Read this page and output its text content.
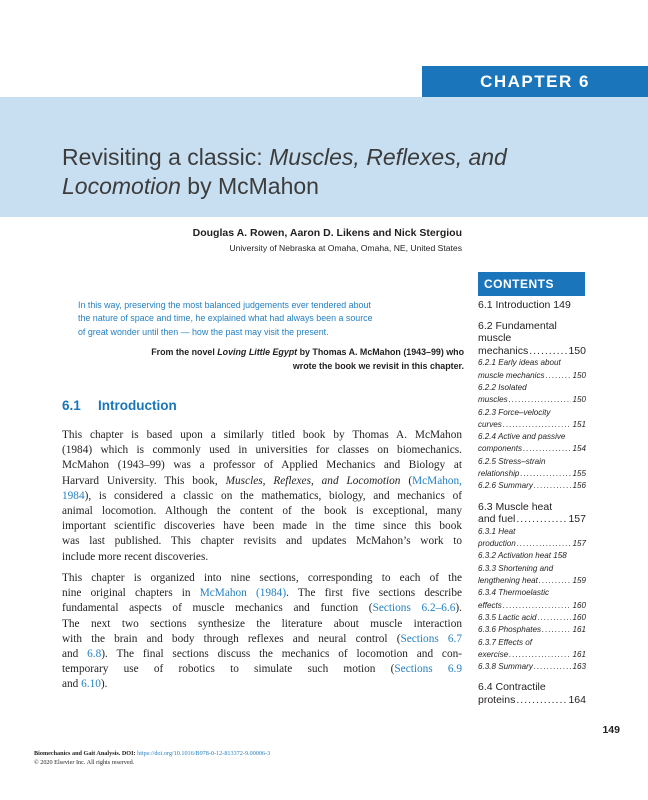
CHAPTER 6
Revisiting a classic: Muscles, Reflexes, and
Locomotion by McMahon
Douglas A. Rowen, Aaron D. Likens and Nick Stergiou
University of Nebraska at Omaha, Omaha, NE, United States
In this way, preserving the most balanced judgements ever tendered about
the nature of space and time, he explained what had always been a source
of great wonder until then — how the past may visit the present.
From the novel Loving Little Egypt by Thomas A. McMahon (1943–99) who
wrote the book we revisit in this chapter.
6.1 Introduction
This chapter is based upon a similarly titled book by Thomas A. McMahon
(1984) which is commonly used in universities for classes on biomechanics.
McMahon (1943–99) was a professor of Applied Mechanics and Biology at
Harvard University. This book, Muscles, Reflexes, and Locomotion (McMahon,
1984), is considered a classic on the mathematics, biology, and mechanics of
animal locomotion. Although the content of the book is exceptional, many
important scientific discoveries have been made in the time since this book
was last published. This chapter revisits and updates McMahon’s work to
include more recent discoveries.
This chapter is organized into nine sections, corresponding to each of the
nine original chapters in McMahon (1984). The first five sections describe
fundamental aspects of muscle mechanics and function (Sections 6.2–6.6).
The next two sections synthesize the literature about muscle interaction
with the brain and body through reflexes and neural control (Sections 6.7
and 6.8). The final sections discuss the mechanics of locomotion and con-
temporary use of robotics to simulate such motion (Sections 6.9
and 6.10).
CONTENTS
6.1 Introduction 149
6.2 Fundamental
muscle
mechanics .....	150
6.2.1 Early ideas about
muscle mechanics .....	150
6.2.2 Isolated
muscles .....	150
6.2.3 Force–velocity
curves .....	151
6.2.4 Active and passive
components .....	154
6.2.5 Stress–strain
relationship .....	155
6.2.6 Summary .....	156
6.3 Muscle heat
and fuel .....	157
6.3.1 Heat
production .....	157
6.3.2 Activation heat 158
6.3.3 Shortening and
lengthening heat .....	159
6.3.4 Thermoelastic
effects .....	160
6.3.5 Lactic acid .....	160
6.3.6 Phosphates .....	161
6.3.7 Effects of
exercise .....	161
6.3.8 Summary .....	163
6.4 Contractile
proteins .....	164
149
Biomechanics and Gait Analysis. DOI: https://doi.org/10.1016/B978-0-12-813372-9.00006-3
© 2020 Elsevier Inc. All rights reserved.
